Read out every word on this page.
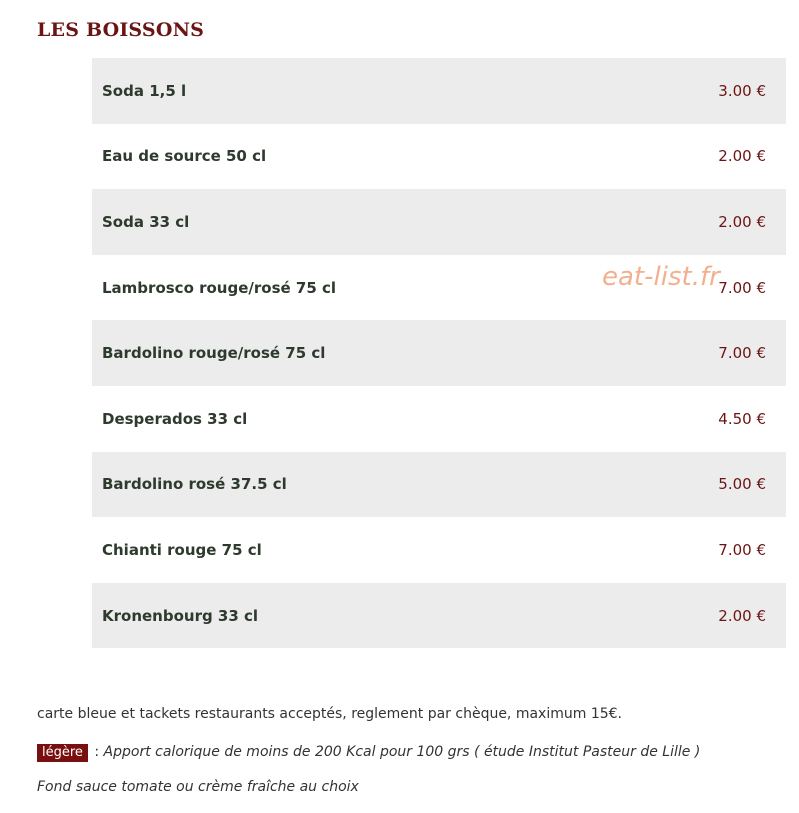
LES BOISSONS
Soda 1,5 l	3.00 €
Eau de source 50 cl	2.00 €
Soda 33 cl	2.00 €
Lambrosco rouge/rosé 75 cl	7.00 €
Bardolino rouge/rosé 75 cl	7.00 €
Desperados 33 cl	4.50 €
Bardolino rosé 37.5 cl	5.00 €
Chianti rouge 75 cl	7.00 €
Kronenbourg 33 cl	2.00 €
eat-list.fr

carte bleue et tackets restaurants acceptés, reglement par chèque, maximum 15€.

légère : Apport calorique de moins de 200 Kcal pour 100 grs ( étude Institut Pasteur de Lille )

Fond sauce tomate ou crème fraîche au choix
